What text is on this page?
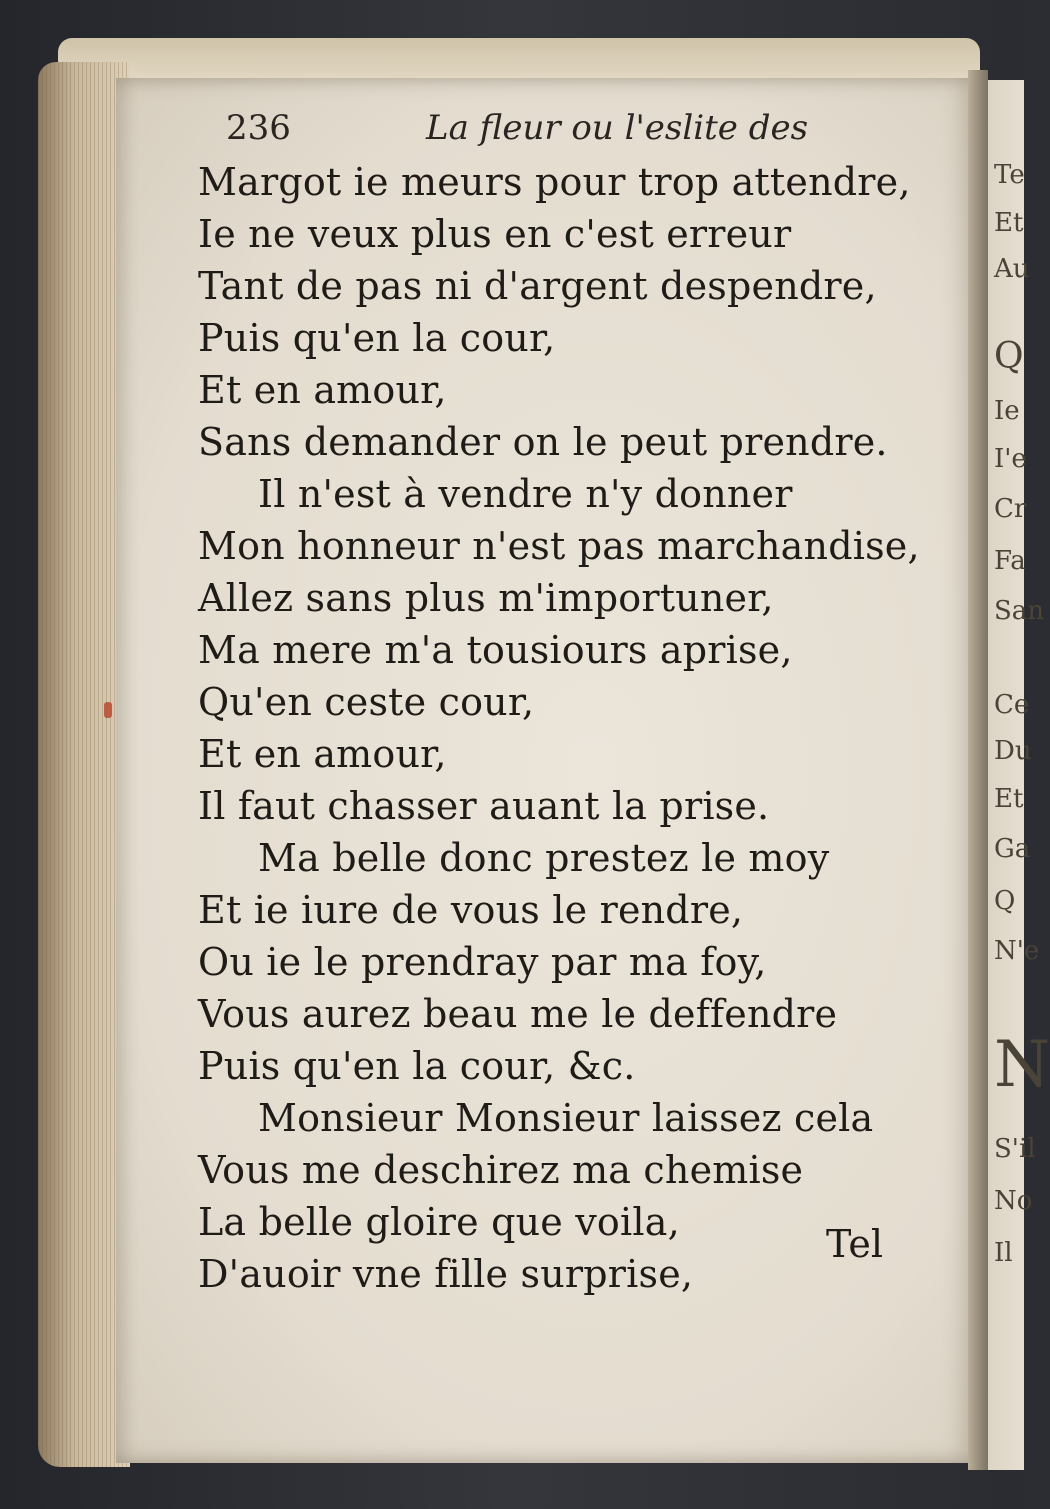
Te
Et
Au
Q
Ie
I'e
Cr
Fa
San
Ce
Du
Et
Ga
Q
N'e
N
S'il
No
Il
236	La fleur ou l'eslite des
Margot ie meurs pour trop attendre,
Ie ne veux plus en c'est erreur
Tant de pas ni d'argent despendre,
Puis qu'en la cour,
Et en amour,
Sans demander on le peut prendre.
Il n'est à vendre n'y donner
Mon honneur n'est pas marchandise,
Allez sans plus m'importuner,
Ma mere m'a tousiours aprise,
Qu'en ceste cour,
Et en amour,
Il faut chasser auant la prise.
Ma belle donc prestez le moy
Et ie iure de vous le rendre,
Ou ie le prendray par ma foy,
Vous aurez beau me le deffendre
Puis qu'en la cour, &c.
Monsieur Monsieur laissez cela
Vous me deschirez ma chemise
La belle gloire que voila,
D'auoir vne fille surprise,
Tel
